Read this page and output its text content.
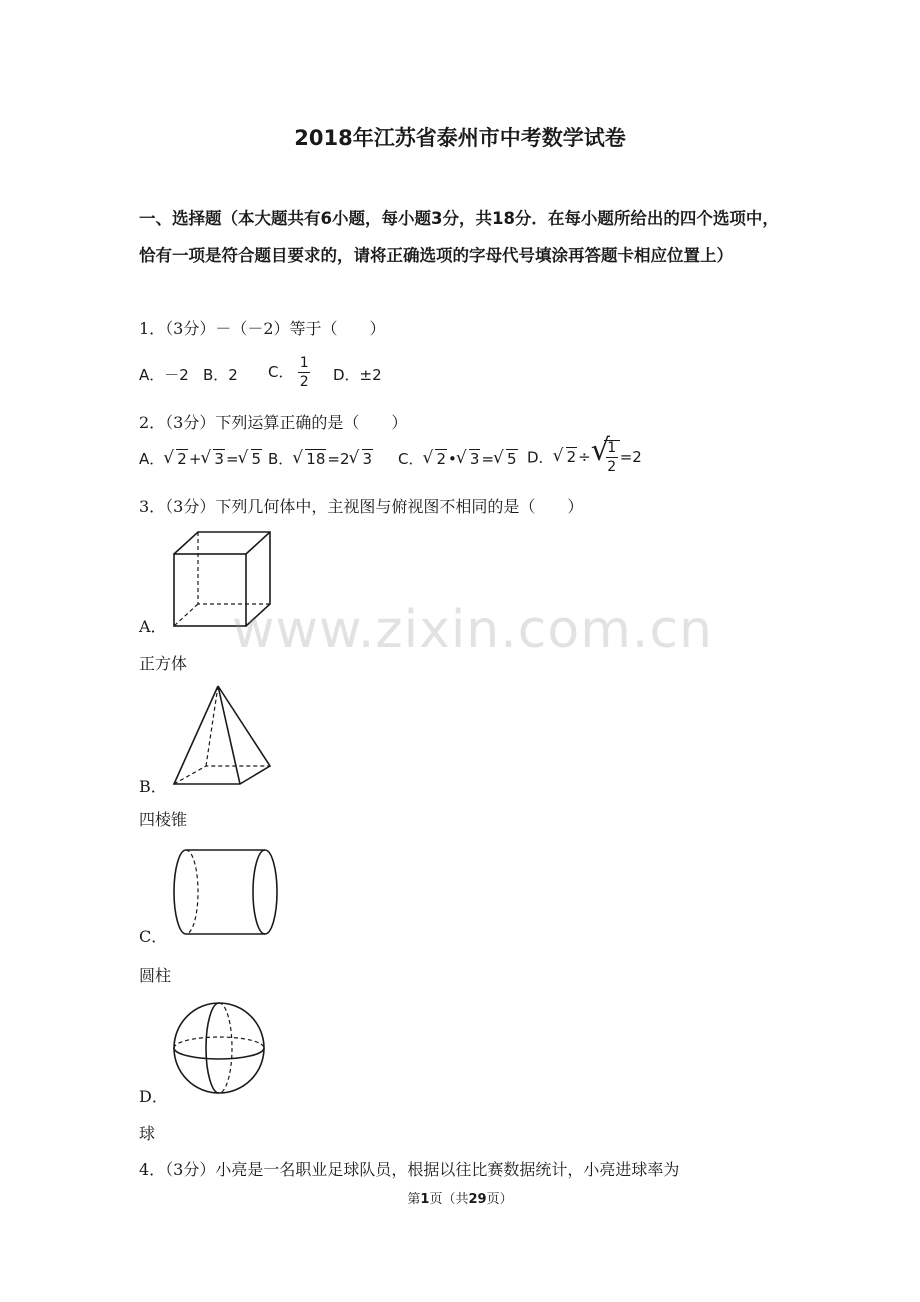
2018年江苏省泰州市中考数学试卷
一、选择题（本大题共有6小题，每小题3分，共18分．在每小题所给出的四个选项中，恰有一项是符合题目要求的，请将正确选项的字母代号填涂再答题卡相应位置上）
1．（3分）－（－2）等于（　　）
A．－2 B．2 C． $\frac{1}{2}$ D．±2
2．（3分）下列运算正确的是（　　）
A． √ 2 + √ 3 = √ 5 B． √ 18 =2 √ 3 C． √ 2 • √ 3 = √ 5 D． √ 2 ÷ √
$\frac{1}{2} =2$
3．（3分）下列几何体中，主视图与俯视图不相同的是（　　）
A．
正方体
B．
四棱锥
C．
圆柱
D．
球
4．（3分）小亮是一名职业足球队员，根据以往比赛数据统计，小亮进球率为
www.zixin.com.cn
第1页（共29页）
